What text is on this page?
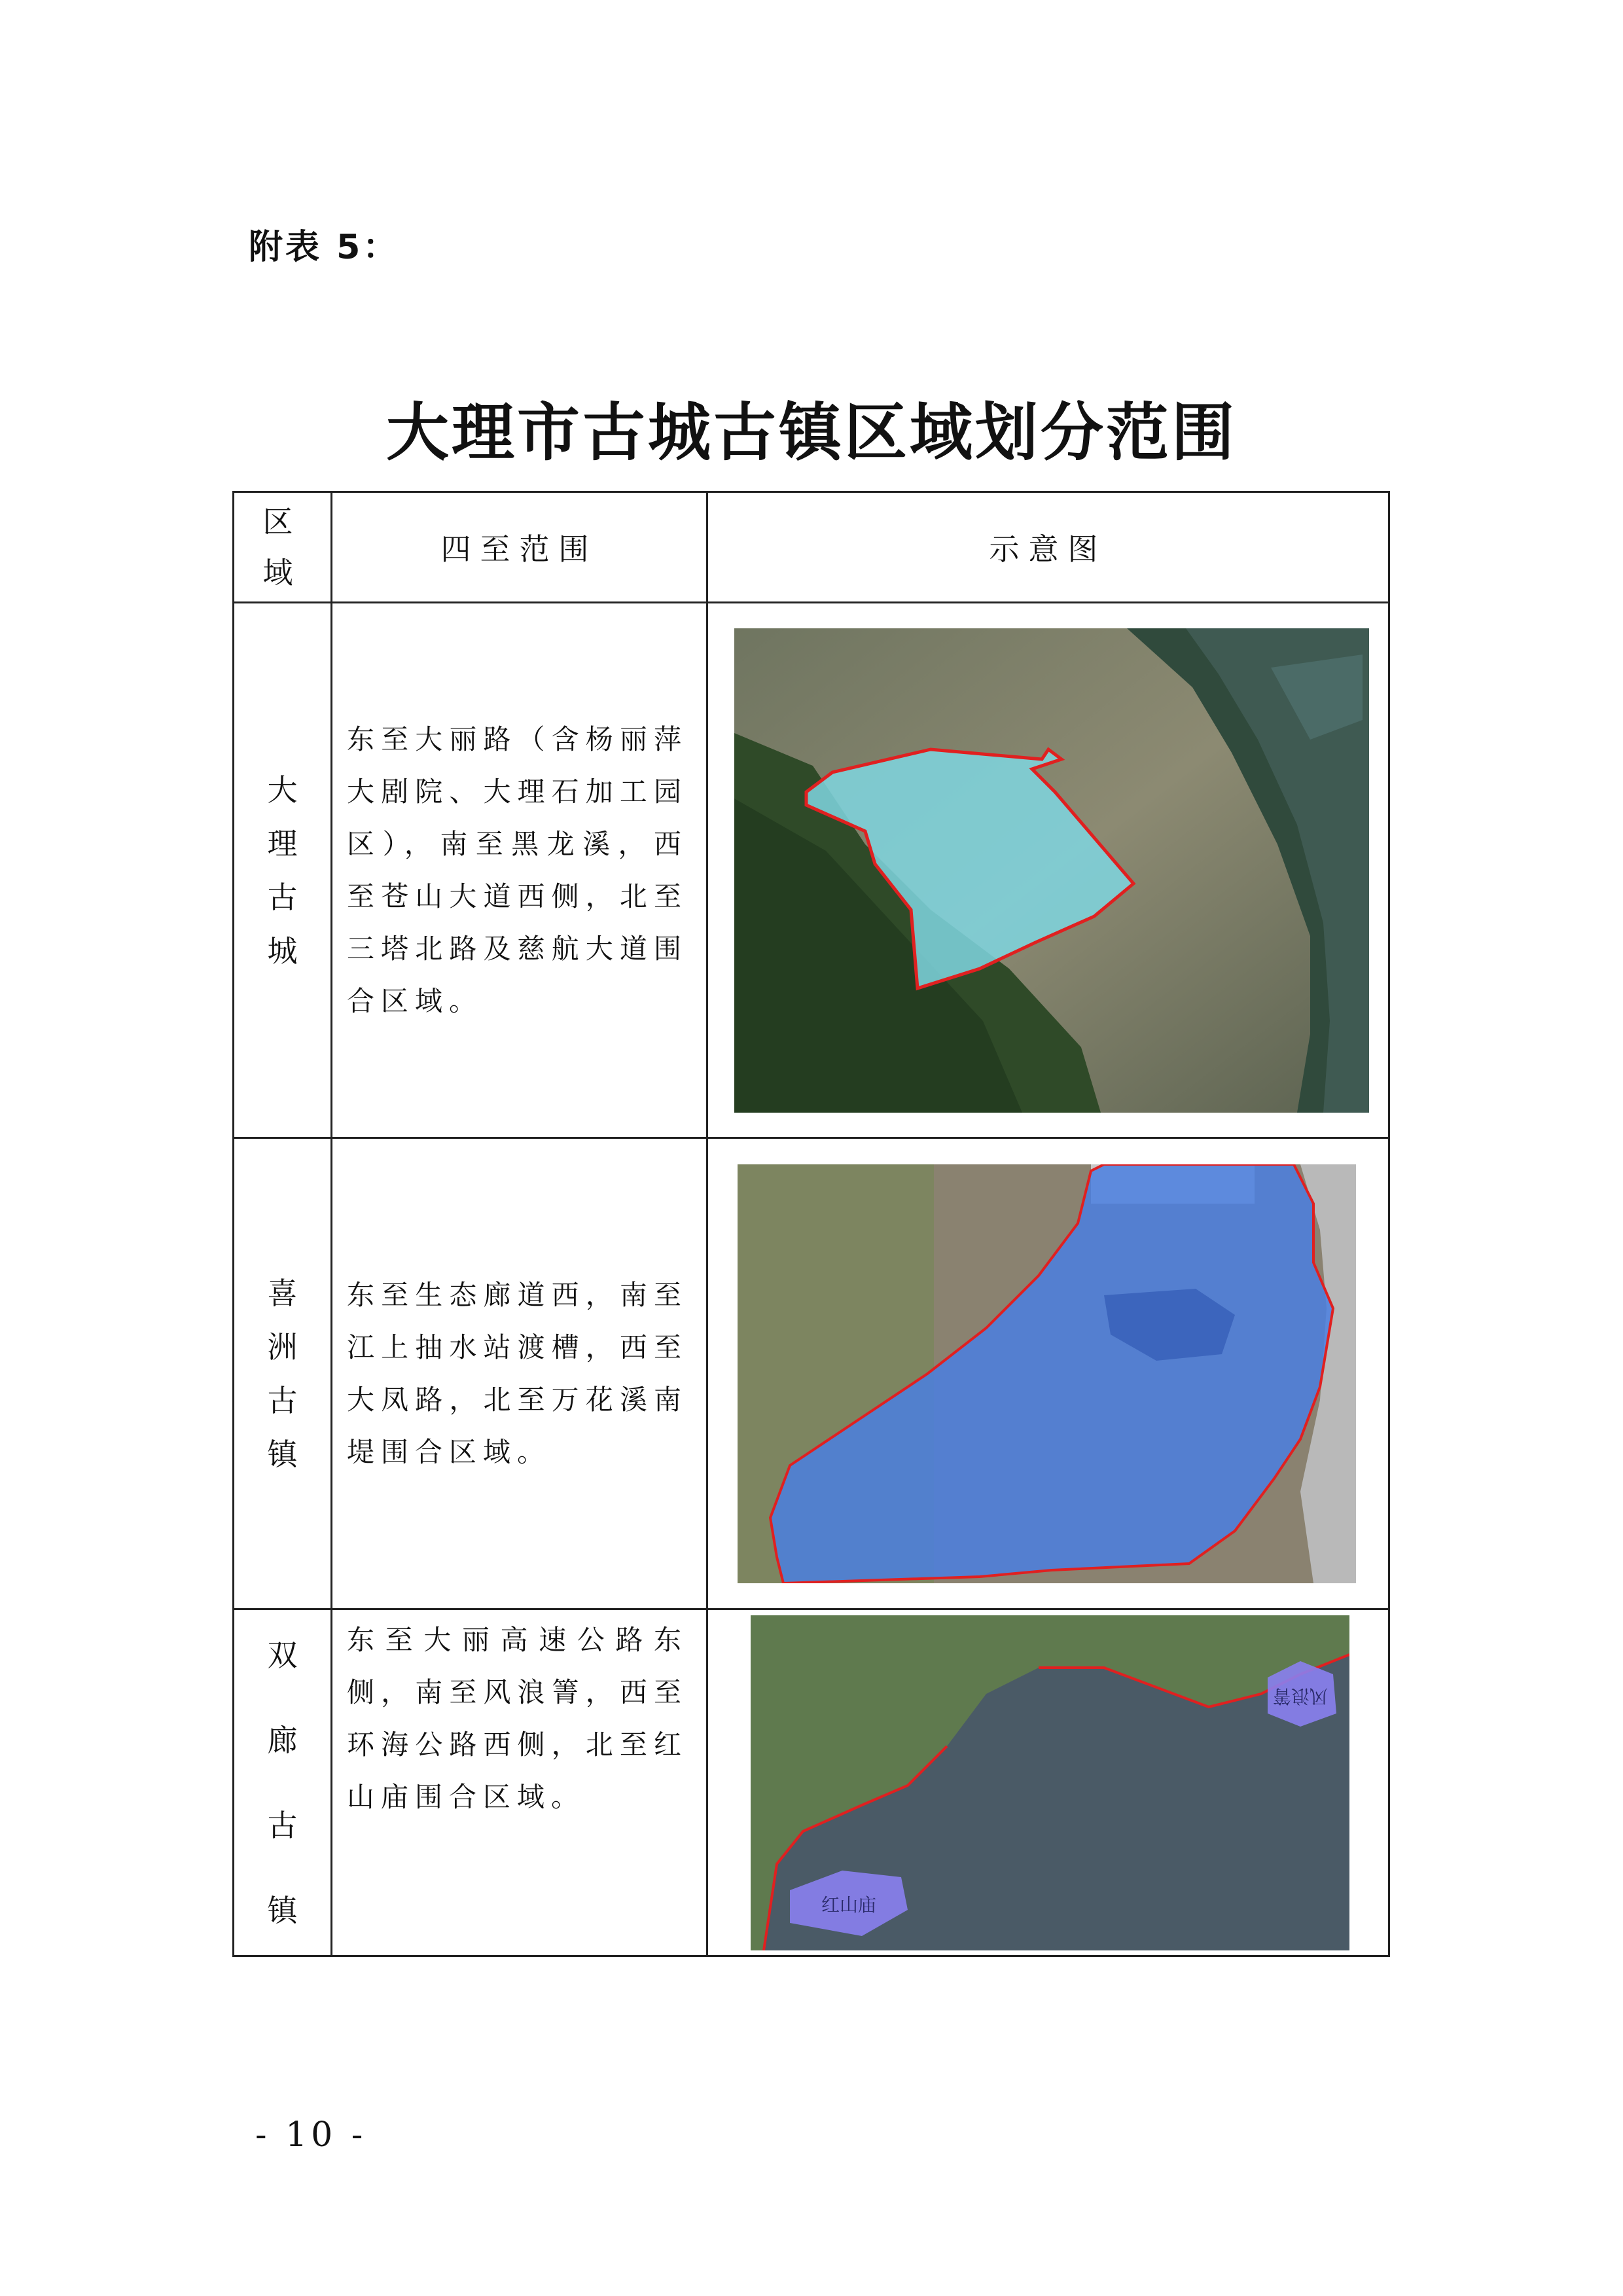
附表 5：
大理市古城古镇区域划分范围
区
域	四至范围	示意图

大
理
古
城	东至大丽路（含杨丽萍大剧院、大理石加工园区），南至黑龙溪，西至苍山大道西侧，北至三塔北路及慈航大道围合区域。	

喜
洲
古
镇	东至生态廊道西，南至江上抽水站渡槽，西至大凤路，北至万花溪南堤围合区域。	

双
廊
古
镇	东至大丽高速公路东侧，南至风浪箐，西至环海公路西侧，北至红山庙围合区域。	风浪箐
红山庙
- 10 -
